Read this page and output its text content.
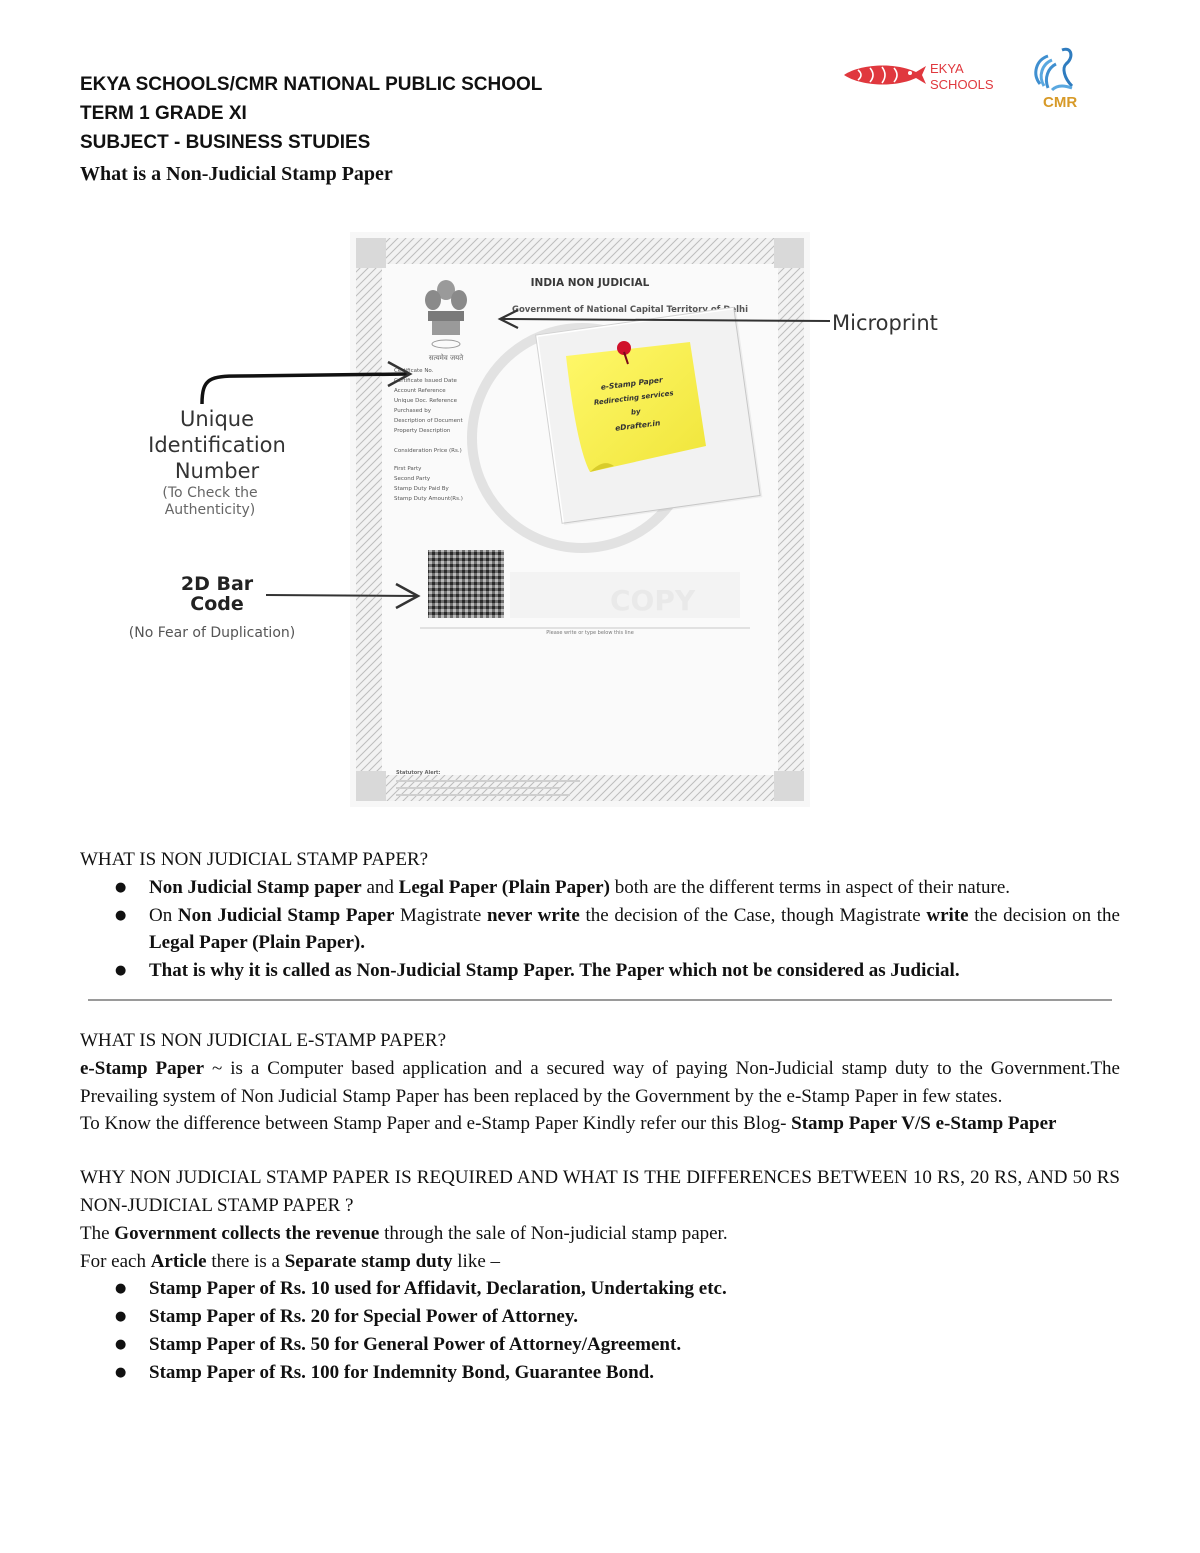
EKYA SCHOOLS/CMR NATIONAL PUBLIC SCHOOL
TERM 1 GRADE XI
SUBJECT - BUSINESS STUDIES
What is a Non-Judicial Stamp Paper
EKYA
SCHOOLS
CMR
INDIA NON JUDICIAL
Government of National Capital Territory of Delhi
सत्यमेव जयते
Certificate No.
Certificate Issued Date
Account Reference
Unique Doc. Reference
Purchased by
Description of Document
Property Description
Consideration Price (Rs.)
First Party
Second Party
Stamp Duty Paid By
Stamp Duty Amount(Rs.)
e-Stamp Paper
Redirecting services
by
eDrafter.in
Please write or type below this line
Statutory Alert:
Microprint
Unique
Identification
Number
(To Check the
Authenticity)
2D Bar
Code
(No Fear of Duplication)

WHAT IS NON JUDICIAL STAMP PAPER?

● Non Judicial Stamp paper and Legal Paper (Plain Paper) both are the different terms in aspect of their nature.
● On Non Judicial Stamp Paper Magistrate never write the decision of the Case, though Magistrate write the decision on the Legal Paper (Plain Paper).
● That is why it is called as Non-Judicial Stamp Paper. The Paper which not be considered as Judicial.

WHAT IS NON JUDICIAL E-STAMP PAPER?

e-Stamp Paper ~ is a Computer based application and a secured way of paying Non-Judicial stamp duty to the Government.The Prevailing system of Non Judicial Stamp Paper has been replaced by the Government by the e-Stamp Paper in few states.

To Know the difference between Stamp Paper and e-Stamp Paper Kindly refer our this Blog- Stamp Paper V/S e-Stamp Paper

WHY NON JUDICIAL STAMP PAPER IS REQUIRED AND WHAT IS THE DIFFERENCES BETWEEN 10 RS, 20 RS, AND 50 RS NON-JUDICIAL STAMP PAPER ?

The Government collects the revenue through the sale of Non-judicial stamp paper.

For each Article there is a Separate stamp duty like –

● Stamp Paper of Rs. 10 used for Affidavit, Declaration, Undertaking etc.
● Stamp Paper of Rs. 20 for Special Power of Attorney.
● Stamp Paper of Rs. 50 for General Power of Attorney/Agreement.
● Stamp Paper of Rs. 100 for Indemnity Bond, Guarantee Bond.
